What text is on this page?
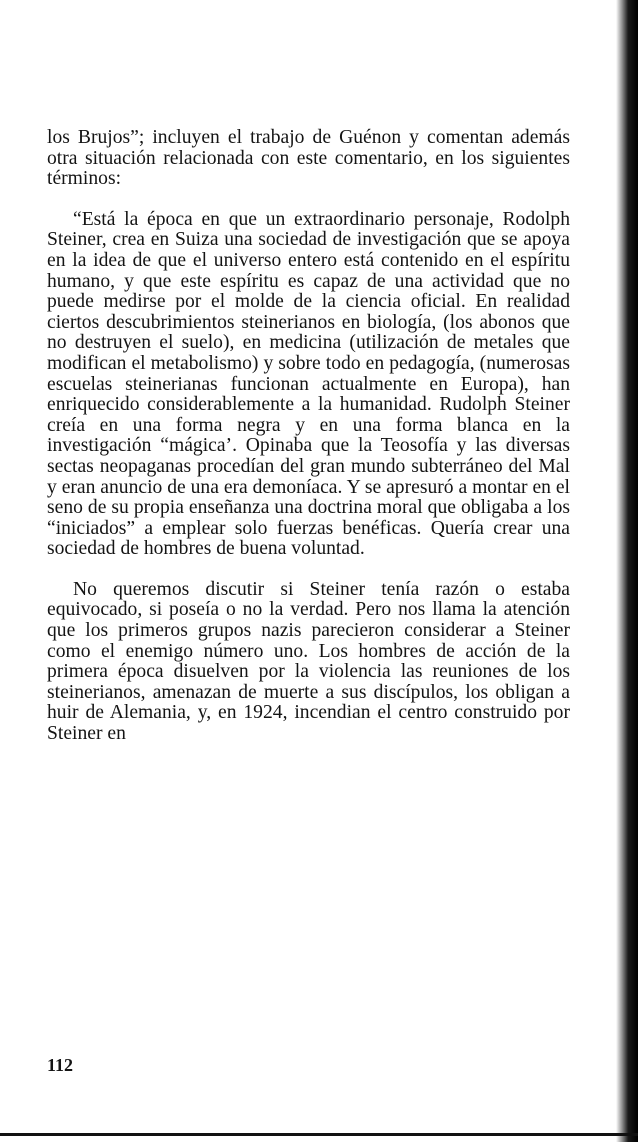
los Brujos”; incluyen el trabajo de Guénon y comentan además otra situación relacionada con este comentario, en los siguientes términos:

“Está la época en que un extraordinario personaje, Rodolph Steiner, crea en Suiza una sociedad de investigación que se apoya en la idea de que el universo entero está contenido en el espíritu humano, y que este espíritu es capaz de una actividad que no puede medirse por el molde de la ciencia oficial. En realidad ciertos descubrimientos steinerianos en biología, (los abonos que no destruyen el suelo), en medicina (utilización de metales que modifican el metabolismo) y sobre todo en pedagogía, (numerosas escuelas steinerianas funcionan actualmente en Europa), han enriquecido considerablemente a la humanidad. Rudolph Steiner creía en una forma negra y en una forma blanca en la investigación “mágica’. Opinaba que la Teosofía y las diversas sectas neopaganas procedían del gran mundo subterráneo del Mal y eran anuncio de una era demoníaca. Y se apresuró a montar en el seno de su propia enseñanza una doctrina moral que obligaba a los “iniciados” a emplear solo fuerzas benéficas. Quería crear una sociedad de hombres de buena voluntad.

No queremos discutir si Steiner tenía razón o estaba equivocado, si poseía o no la verdad. Pero nos llama la atención que los primeros grupos nazis parecieron considerar a Steiner como el enemigo número uno. Los hombres de acción de la primera época disuelven por la violencia las reuniones de los steinerianos, amenazan de muerte a sus discípulos, los obligan a huir de Alemania, y, en 1924, incendian el centro construido por Steiner en

112
